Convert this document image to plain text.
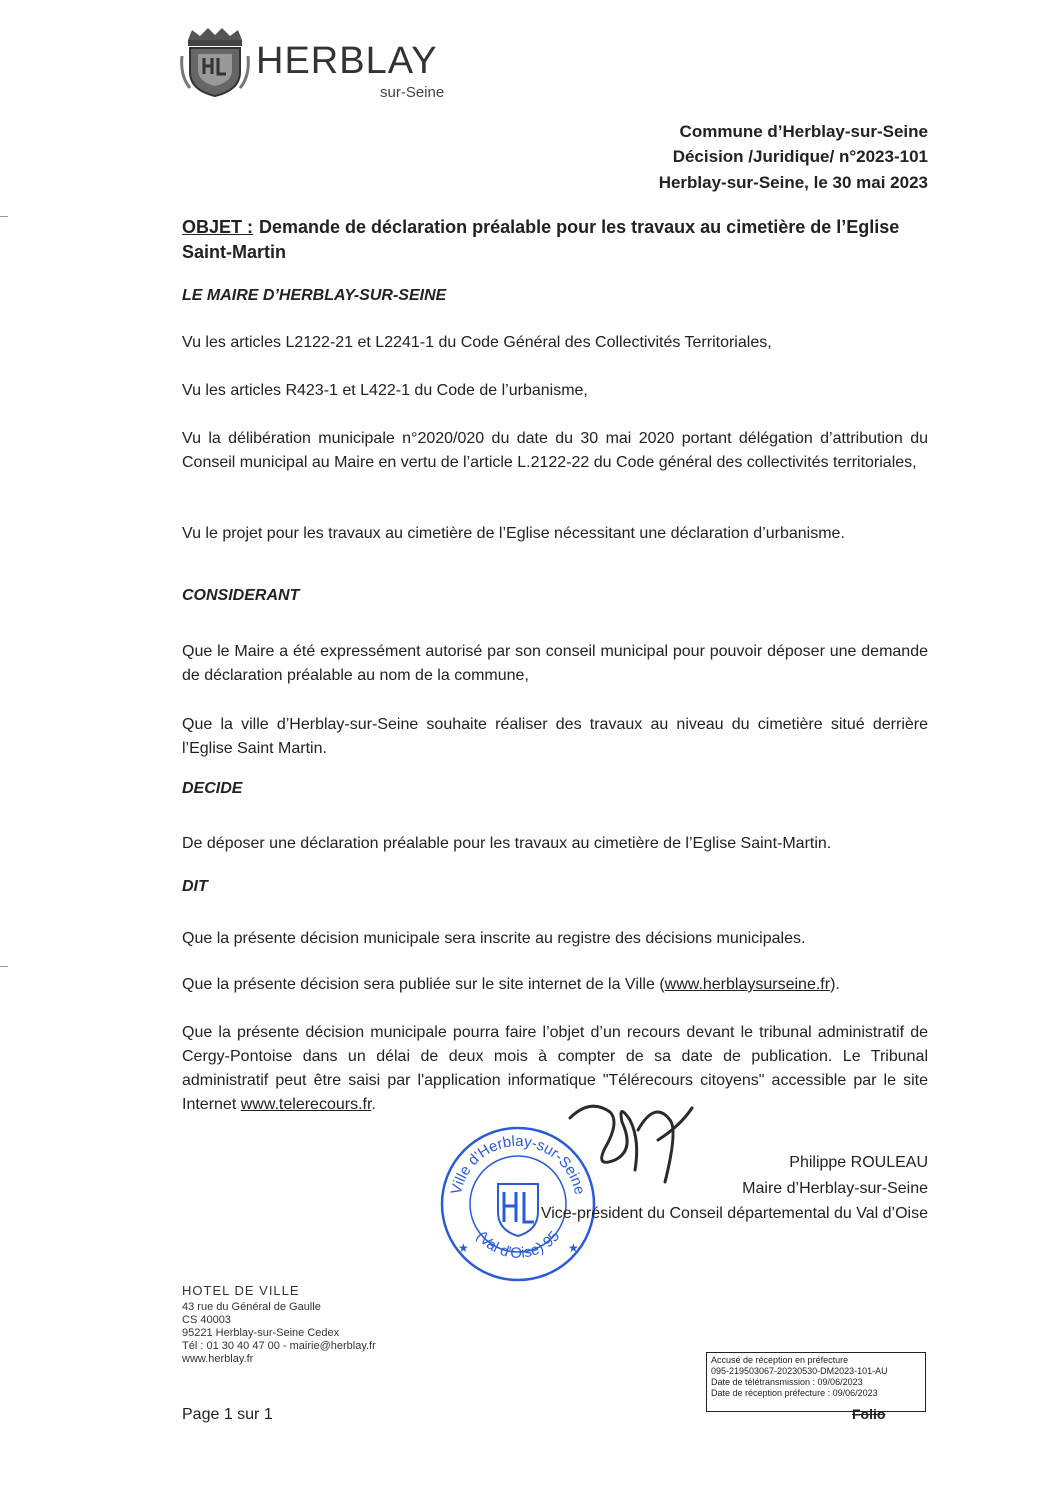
HERBLAY
sur-Seine
Commune d’Herblay-sur-Seine
Décision /Juridique/ n°2023-101
Herblay-sur-Seine, le 30 mai 2023
OBJET : Demande de déclaration préalable pour les travaux au cimetière de l’Eglise Saint-Martin
LE MAIRE D’HERBLAY-SUR-SEINE
Vu les articles L2122-21 et L2241-1 du Code Général des Collectivités Territoriales,
Vu les articles R423-1 et L422-1 du Code de l’urbanisme,
Vu la délibération municipale n°2020/020 du date du 30 mai 2020 portant délégation d’attribution du Conseil municipal au Maire en vertu de l’article L.2122-22 du Code général des collectivités territoriales,
Vu le projet pour les travaux au cimetière de l’Eglise nécessitant une déclaration d’urbanisme.
CONSIDERANT
Que le Maire a été expressément autorisé par son conseil municipal pour pouvoir déposer une demande de déclaration préalable au nom de la commune,
Que la ville d’Herblay-sur-Seine souhaite réaliser des travaux au niveau du cimetière situé derrière l’Eglise Saint Martin.
DECIDE
De déposer une déclaration préalable pour les travaux au cimetière de l’Eglise Saint-Martin.
DIT
Que la présente décision municipale sera inscrite au registre des décisions municipales.
Que la présente décision sera publiée sur le site internet de la Ville (www.herblaysurseine.fr).
Que la présente décision municipale pourra faire l’objet d’un recours devant le tribunal administratif de Cergy-Pontoise dans un délai de deux mois à compter de sa date de publication. Le Tribunal administratif peut être saisi par l'application informatique "Télérecours citoyens" accessible par le site Internet www.telerecours.fr.
Ville d'Herblay-sur-Seine
(Val d'Oise) 95
★	★
Philippe ROULEAU
Maire d’Herblay-sur-Seine
Vice-président du Conseil départemental du Val d’Oise
HOTEL DE VILLE
43 rue du Général de Gaulle
CS 40003
95221 Herblay-sur-Seine Cedex
Tél : 01 30 40 47 00 - mairie@herblay.fr
www.herblay.fr
Page 1 sur 1
Accusé de réception en préfecture
095-219503067-20230530-DM2023-101-AU
Date de télétransmission : 09/06/2023
Date de réception préfecture : 09/06/2023
Folio
